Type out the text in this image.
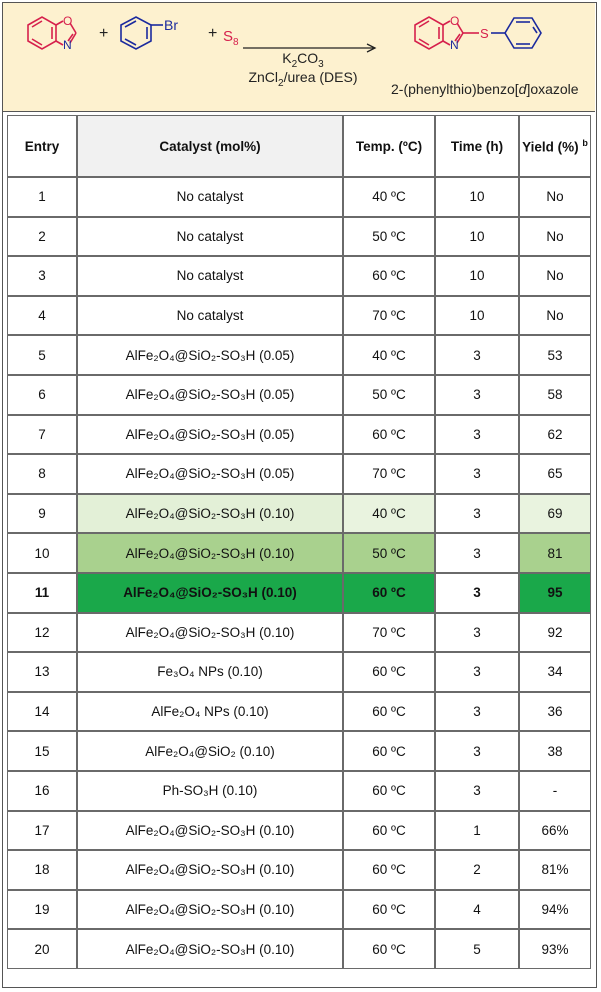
O
N
Br	O
N
S
+	+ $S_8$
$K_2CO_3$
ZnCl$_2$/urea (DES)
2-(phenylthio)benzo[d]oxazole
Entry	Catalyst (mol%)	Temp. (ºC)	Time (h)	Yield (%) $^b$
1	No catalyst	40 ºC	10	No
2	No catalyst	50 ºC	10	No
3	No catalyst	60 ºC	10	No
4	No catalyst	70 ºC	10	No
5	AlFe₂O₄@SiO₂-SO₃H (0.05)	40 ºC	3	53
6	AlFe₂O₄@SiO₂-SO₃H (0.05)	50 ºC	3	58
7	AlFe₂O₄@SiO₂-SO₃H (0.05)	60 ºC	3	62
8	AlFe₂O₄@SiO₂-SO₃H (0.05)	70 ºC	3	65
9	AlFe₂O₄@SiO₂-SO₃H (0.10)	40 ºC	3	69
10	AlFe₂O₄@SiO₂-SO₃H (0.10)	50 ºC	3	81
11	AlFe₂O₄@SiO₂-SO₃H (0.10)	60 ºC	3	95
12	AlFe₂O₄@SiO₂-SO₃H (0.10)	70 ºC	3	92
13	Fe₃O₄ NPs (0.10)	60 ºC	3	34
14	AlFe₂O₄ NPs (0.10)	60 ºC	3	36
15	AlFe₂O₄@SiO₂ (0.10)	60 ºC	3	38
16	Ph-SO₃H (0.10)	60 ºC	3	-
17	AlFe₂O₄@SiO₂-SO₃H (0.10)	60 ºC	1	66%
18	AlFe₂O₄@SiO₂-SO₃H (0.10)	60 ºC	2	81%
19	AlFe₂O₄@SiO₂-SO₃H (0.10)	60 ºC	4	94%
20	AlFe₂O₄@SiO₂-SO₃H (0.10)	60 ºC	5	93%
